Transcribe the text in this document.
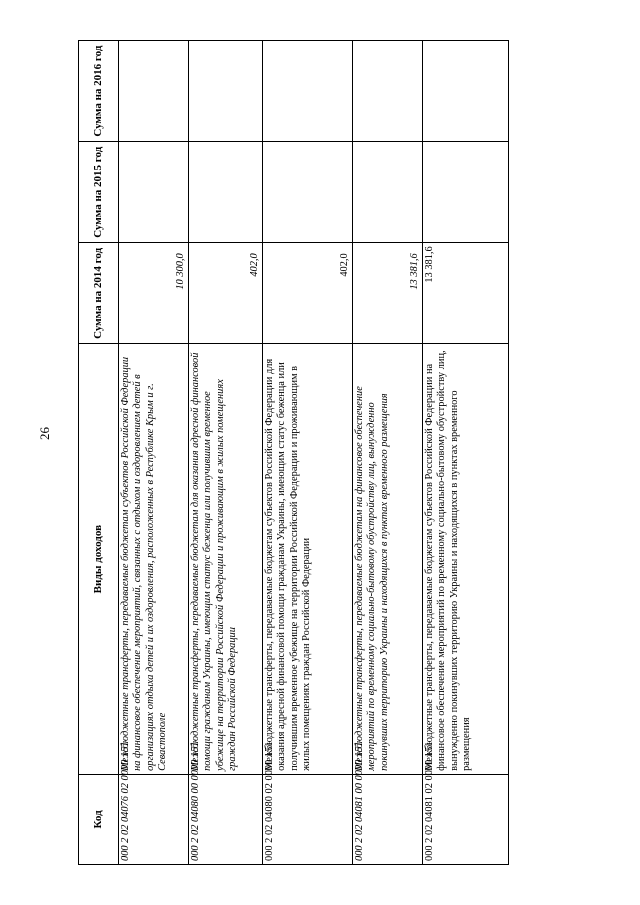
26
Код	Виды доходов	Сумма на 2014 год	Сумма на 2015 год	Сумма на 2016 год
000 2 02 04076 02 0000 151	Межбюджетные трансферты, передаваемые бюджетам субъектов Российской Федерации на финансовое обеспечение мероприятий, связанных с отдыхом и оздоровлением детей в организациях отдыха детей и их оздоровления, расположенных в Республике Крым и г. Севастополе	10 300,0		
000 2 02 04080 00 0000 151	Межбюджетные трансферты, передаваемые бюджетам для оказания адресной финансовой помощи гражданам Украины, имеющим статус беженца или получившим временное убежище на территории Российской Федерации и проживающим в жилых помещениях граждан Российской Федерации	402,0		
000 2 02 04080 02 0000 151	Межбюджетные трансферты, передаваемые бюджетам субъектов Российской Федерации для оказания адресной финансовой помощи гражданам Украины, имеющим статус беженца или получившим временное убежище на территории Российской Федерации и проживающим в жилых помещениях граждан Российской Федерации	402,0		
000 2 02 04081 00 0000 151	Межбюджетные трансферты, передаваемые бюджетам на финансовое обеспечение мероприятий по временному социально-бытовому обустройству лиц, вынужденно покинувших территорию Украины и находящихся в пунктах временного размещения	13 381,6		
000 2 02 04081 02 0000 151	Межбюджетные трансферты, передаваемые бюджетам субъектов Российской Федерации на финансовое обеспечение мероприятий по временному социально-бытовому обустройству лиц, вынужденно покинувших территорию Украины и находящихся в пунктах временного размещения	13 381,6		
